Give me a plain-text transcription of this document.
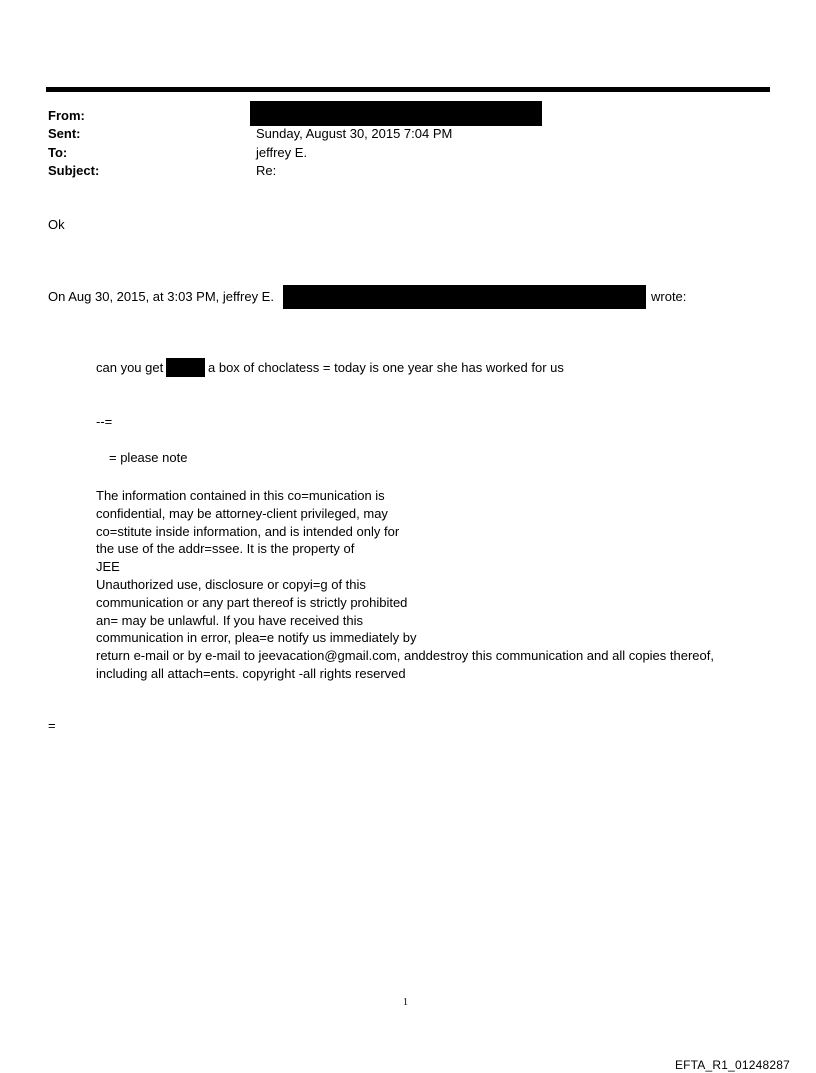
From:
Sent:	Sunday, August 30, 2015 7:04 PM
To:	jeffrey E.
Subject:	Re:
Ok
On Aug 30, 2015, at 3:03 PM, jeffrey E.	wrote:
can you get	a box of choclatess = today is one year she has worked for us
--=
= please note
The information contained in this co=munication is
confidential, may be attorney-client privileged, may
co=stitute inside information, and is intended only for
the use of the addr=ssee. It is the property of
JEE
Unauthorized use, disclosure or copyi=g of this
communication or any part thereof is strictly prohibited
an= may be unlawful. If you have received this
communication in error, plea=e notify us immediately by
return e-mail or by e-mail to jeevacation@gmail.com, anddestroy this communication and all copies thereof,
including all attach=ents. copyright -all rights reserved
=
1
EFTA_R1_01248287
